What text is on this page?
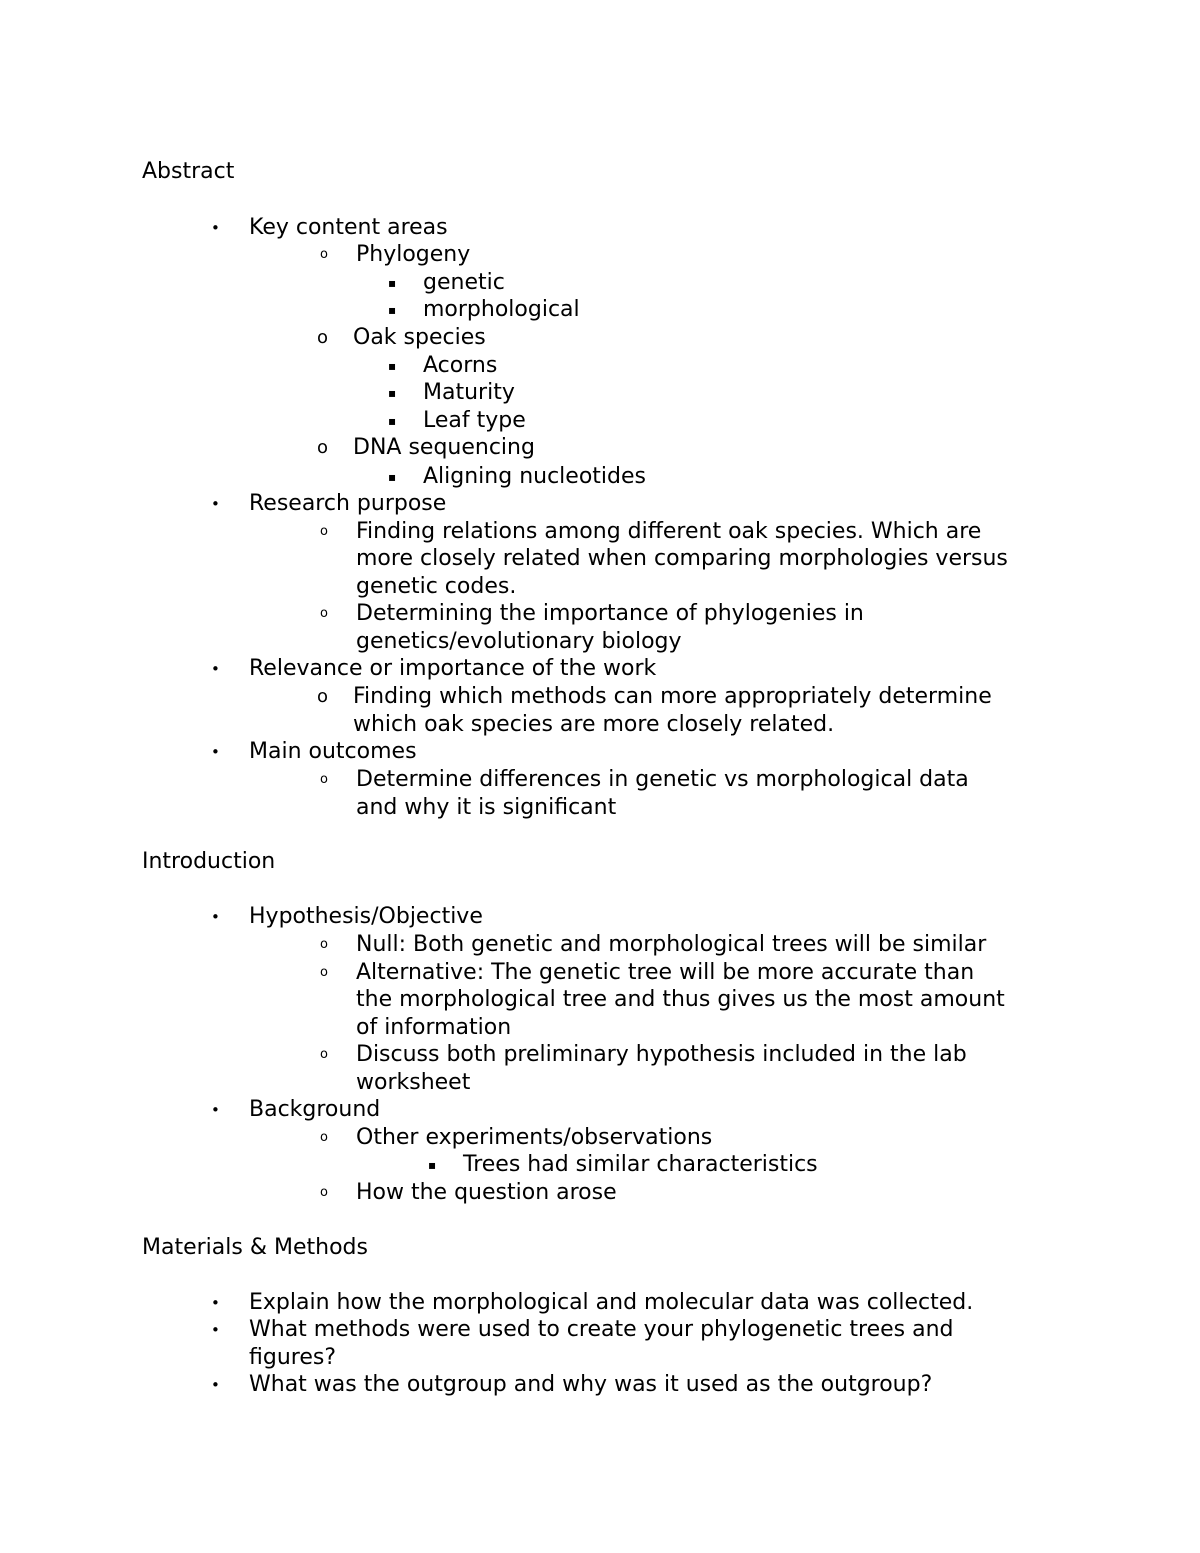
Abstract
• Key content areas
o Phylogeny
▪ genetic
▪ morphological
o Oak species
▪ Acorns
▪ Maturity
▪ Leaf type
o DNA sequencing
▪ Aligning nucleotides
• Research purpose
o Finding relations among different oak species. Which are
more closely related when comparing morphologies versus
genetic codes.
o Determining the importance of phylogenies in
genetics/evolutionary biology
• Relevance or importance of the work
o Finding which methods can more appropriately determine
which oak species are more closely related.
• Main outcomes
o Determine differences in genetic vs morphological data
and why it is significant
Introduction
• Hypothesis/Objective
o Null: Both genetic and morphological trees will be similar
o Alternative: The genetic tree will be more accurate than
the morphological tree and thus gives us the most amount
of information
o Discuss both preliminary hypothesis included in the lab
worksheet
• Background
o Other experiments/observations
▪ Trees had similar characteristics
o How the question arose
Materials & Methods
• Explain how the morphological and molecular data was collected.
• What methods were used to create your phylogenetic trees and
figures?
• What was the outgroup and why was it used as the outgroup?
